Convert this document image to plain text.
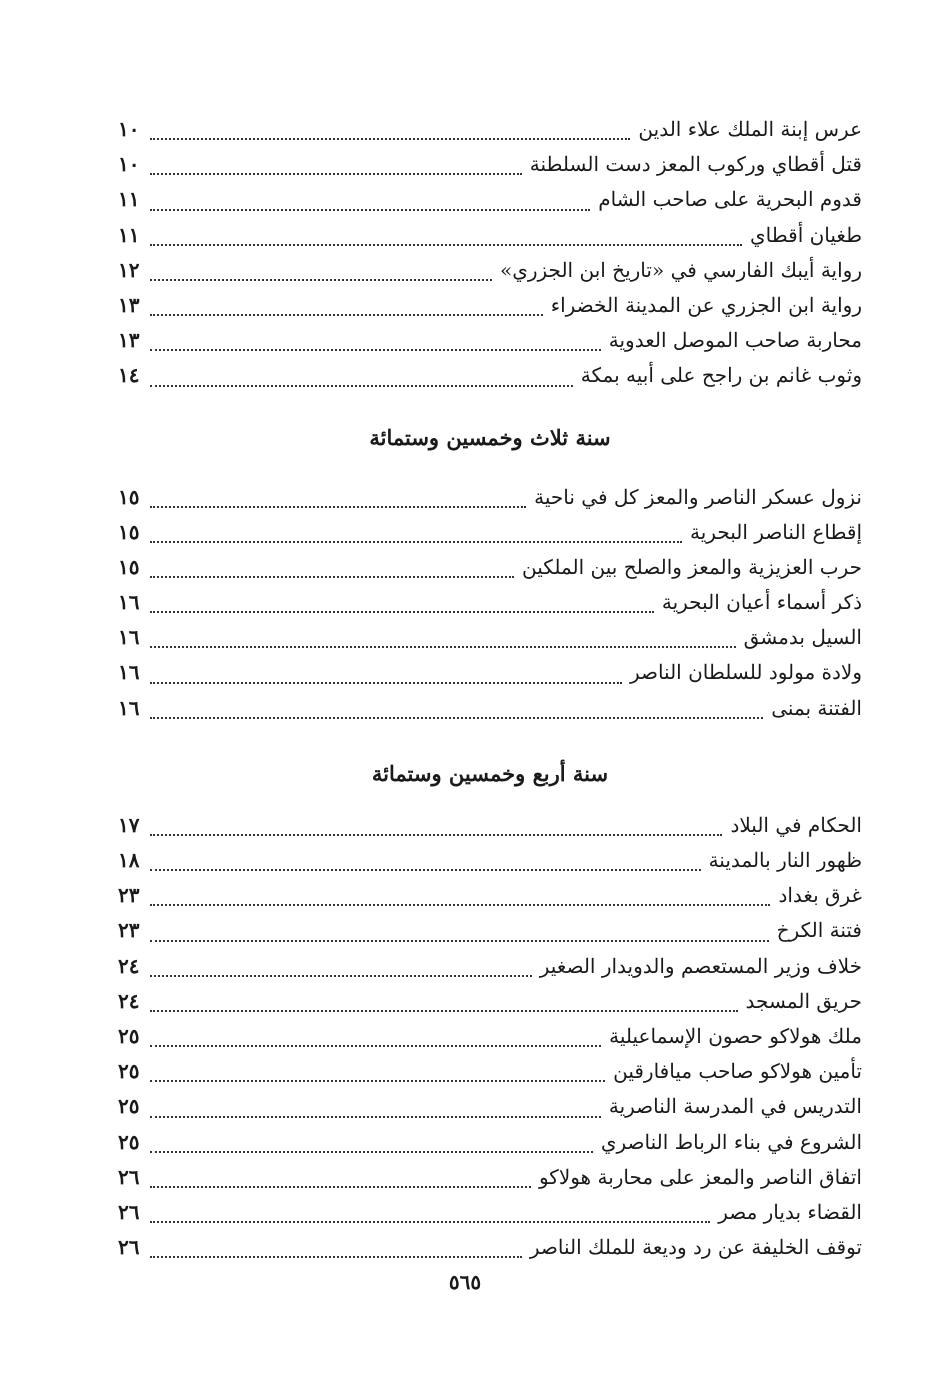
عرس إبنة الملك علاء الدين
١٠
قتل أقطاي وركوب المعز دست السلطنة
١٠
قدوم البحرية على صاحب الشام
١١
طغيان أقطاي
١١
رواية أيبك الفارسي في «تاريخ ابن الجزري»
١٢
رواية ابن الجزري عن المدينة الخضراء
١٣
محاربة صاحب الموصل العدوية
١٣
وثوب غانم بن راجح على أبيه بمكة
١٤
سنة ثلاث وخمسين وستمائة
نزول عسكر الناصر والمعز كل في ناحية
١٥
إقطاع الناصر البحرية
١٥
حرب العزيزية والمعز والصلح بين الملكين
١٥
ذكر أسماء أعيان البحرية
١٦
السيل بدمشق
١٦
ولادة مولود للسلطان الناصر
١٦
الفتنة بمنى
١٦
سنة أربع وخمسين وستمائة
الحكام في البلاد
١٧
ظهور النار بالمدينة
١٨
غرق بغداد
٢٣
فتنة الكرخ
٢٣
خلاف وزير المستعصم والدويدار الصغير
٢٤
حريق المسجد
٢٤
ملك هولاكو حصون الإسماعيلية
٢٥
تأمين هولاكو صاحب ميافارقين
٢٥
التدريس في المدرسة الناصرية
٢٥
الشروع في بناء الرباط الناصري
٢٥
اتفاق الناصر والمعز على محاربة هولاكو
٢٦
القضاء بديار مصر
٢٦
توقف الخليفة عن رد وديعة للملك الناصر
٢٦
٥٦٥
